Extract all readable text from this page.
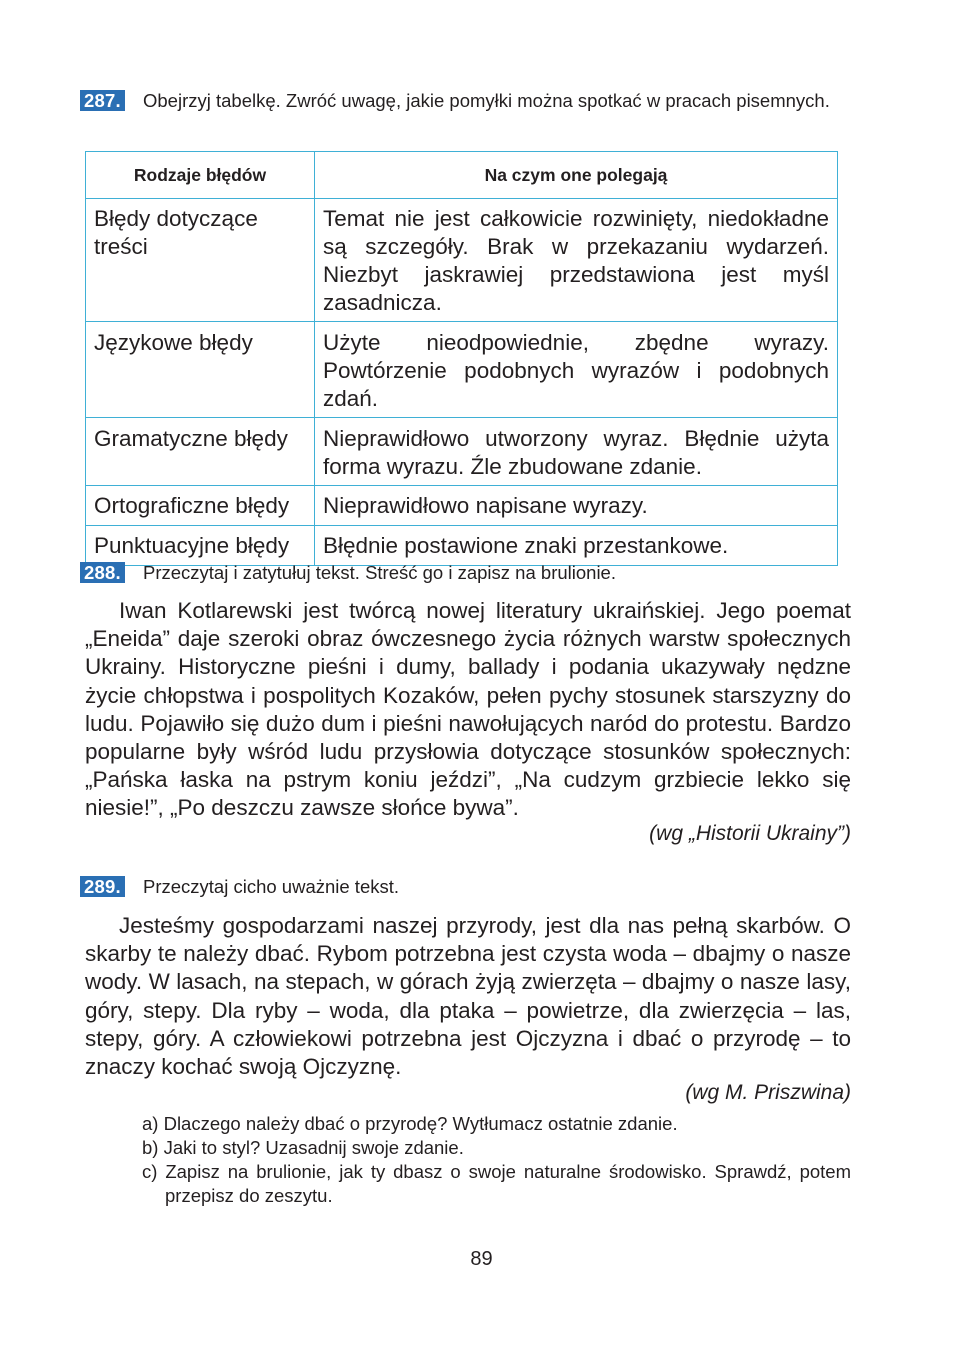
287. Obejrzyj tabelkę. Zwróć uwagę, jakie pomyłki można spotkać w pracach pisemnych.
Rodzaje błędów	Na czym one polegają
Błędy dotyczące treści	Temat nie jest całkowicie rozwinięty, niedokładne są szczegóły. Brak w przekazaniu wydarzeń. Niezbyt jaskrawiej przedstawiona jest myśl zasadnicza.
Językowe błędy	Użyte nieodpowiednie, zbędne wyrazy. Powtórzenie podobnych wyrazów i podobnych zdań.
Gramatyczne błędy	Nieprawidłowo utworzony wyraz. Błędnie użyta forma wyrazu. Źle zbudowane zdanie.
Ortograficzne błędy	Nieprawidłowo napisane wyrazy.
Punktuacyjne błędy	Błędnie postawione znaki przestankowe.
288. Przeczytaj i zatytułuj tekst. Streść go i zapisz na brulionie.

Iwan Kotlarewski jest twórcą nowej literatury ukraińskiej. Jego poemat „Eneida” daje szeroki obraz ówczesnego życia różnych warstw społecznych Ukrainy. Historyczne pieśni i dumy, ballady i podania ukazywały nędzne życie chłopstwa i pospolitych Kozaków, pełen pychy stosunek starszyzny do ludu. Pojawiło się dużo dum i pieśni nawołujących naród do protestu. Bardzo popularne były wśród ludu przysłowia dotyczące stosunków społecznych: „Pańska łaska na pstrym koniu jeździ”, „Na cudzym grzbiecie lekko się niesie!”, „Po deszczu zawsze słońce bywa”.

(wg „Historii Ukrainy”)
289. Przeczytaj cicho uważnie tekst.

Jesteśmy gospodarzami naszej przyrody, jest dla nas pełną skarbów. O skarby te należy dbać. Rybom potrzebna jest czysta woda – dbajmy o nasze wody. W lasach, na stepach, w górach żyją zwierzęta – dbajmy o nasze lasy, góry, stepy. Dla ryby – woda, dla ptaka – powietrze, dla zwierzęcia – las, stepy, góry. A człowiekowi potrzebna jest Ojczyzna i dbać o przyrodę – to znaczy kochać swoją Ojczyznę.

(wg M. Priszwina)
a) Dlaczego należy dbać o przyrodę? Wytłumacz ostatnie zdanie.
b) Jaki to styl? Uzasadnij swoje zdanie.
c) Zapisz na brulionie, jak ty dbasz o swoje naturalne środowisko. Sprawdź, potem przepisz do zeszytu.
89
